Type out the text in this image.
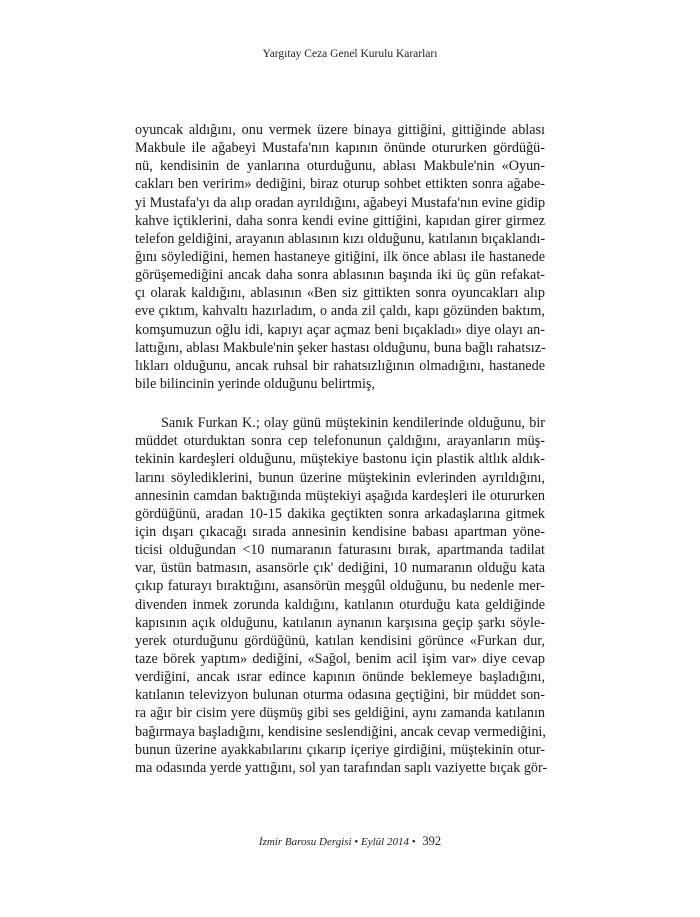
Yargıtay Ceza Genel Kurulu Kararları
oyuncak aldığını, onu vermek üzere binaya gittiğini, gittiğinde ablası
Makbule ile ağabeyi Mustafa'nın kapının önünde otururken gördüğü-
nü, kendisinin de yanlarına oturduğunu, ablası Makbule'nin «Oyun-
cakları ben veririm» dediğini, biraz oturup sohbet ettikten sonra ağabe-
yi Mustafa'yı da alıp oradan ayrıldığını, ağabeyi Mustafa'nın evine gidip
kahve içtiklerini, daha sonra kendi evine gittiğini, kapıdan girer girmez
telefon geldiğini, arayanın ablasının kızı olduğunu, katılanın bıçaklandı-
ğını söylediğini, hemen hastaneye gitiğini, ilk önce ablası ile hastanede
görüşemediğini ancak daha sonra ablasının başında iki üç gün refakat-
çı olarak kaldığını, ablasının «Ben siz gittikten sonra oyuncakları alıp
eve çıktım, kahvaltı hazırladım, o anda zil çaldı, kapı gözünden baktım,
komşumuzun oğlu idi, kapıyı açar açmaz beni bıçakladı» diye olayı an-
lattığını, ablası Makbule'nin şeker hastası olduğunu, buna bağlı rahatsız-
lıkları olduğunu, ancak ruhsal bir rahatsızlığının olmadığını, hastanede
bile bilincinin yerinde olduğunu belirtmiş,
Sanık Furkan K.; olay günü müştekinin kendilerinde olduğunu, bir
müddet oturduktan sonra cep telefonunun çaldığını, arayanların müş-
tekinin kardeşleri olduğunu, müştekiye bastonu için plastik altlık aldık-
larını söylediklerini, bunun üzerine müştekinin evlerinden ayrıldığını,
annesinin camdan baktığında müştekiyi aşağıda kardeşleri ile otururken
gördüğünü, aradan 10-15 dakika geçtikten sonra arkadaşlarına gitmek
için dışarı çıkacağı sırada annesinin kendisine babası apartman yöne-
ticisi olduğundan <10 numaranın faturasını bırak, apartmanda tadilat
var, üstün batmasın, asansörle çık' dediğini, 10 numaranın olduğu kata
çıkıp faturayı bıraktığını, asansörün meşgûl olduğunu, bu nedenle mer-
divenden inmek zorunda kaldığını, katılanın oturduğu kata geldiğinde
kapısının açık olduğunu, katılanın aynanın karşısına geçip şarkı söyle-
yerek oturduğunu gördüğünü, katılan kendisini görünce «Furkan dur,
taze börek yaptım» dediğini, «Sağol, benim acil işim var» diye cevap
verdiğini, ancak ısrar edince kapının önünde beklemeye başladığını,
katılanın televizyon bulunan oturma odasına geçtiğini, bir müddet son-
ra ağır bir cisim yere düşmüş gibi ses geldiğini, aynı zamanda katılanın
bağırmaya başladığını, kendisine seslendiğini, ancak cevap vermediğini,
bunun üzerine ayakkabılarını çıkarıp içeriye girdiğini, müştekinin otur-
ma odasında yerde yattığını, sol yan tarafından saplı vaziyette bıçak gör-
İzmir Barosu Dergisi • Eylül 2014 • 392
